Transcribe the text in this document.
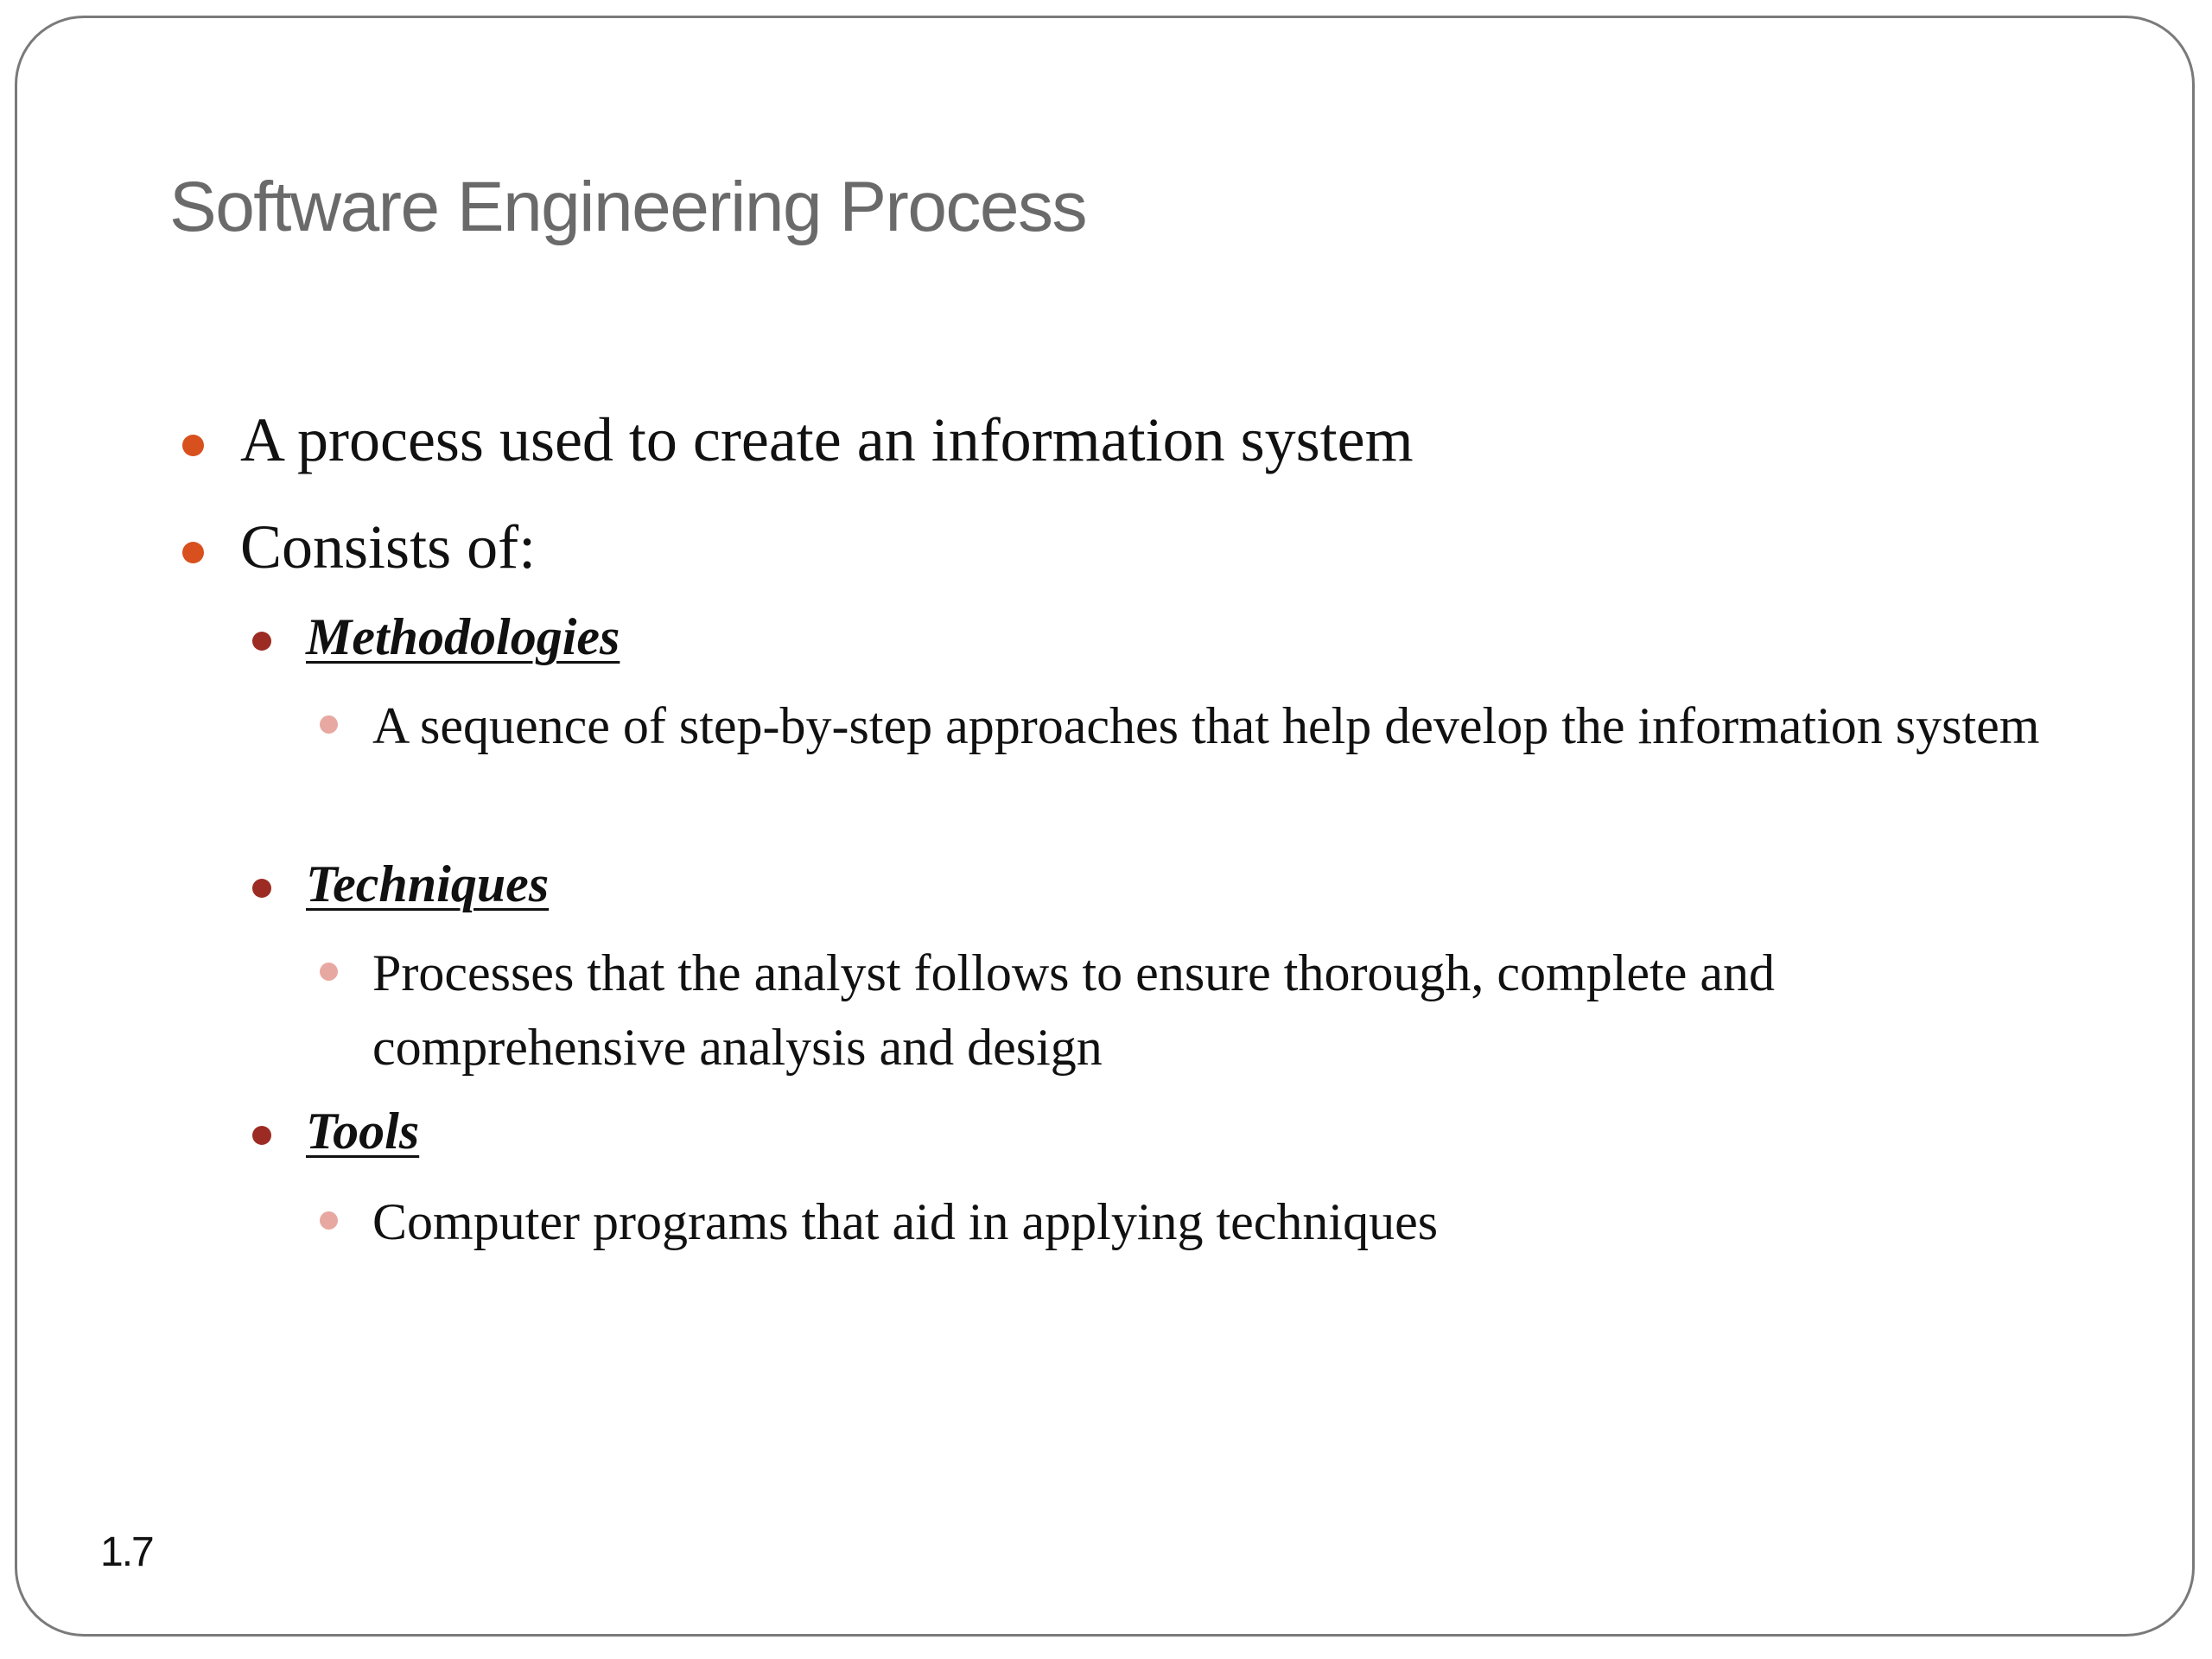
Software Engineering Process
A process used to create an information system
Consists of:
Methodologies
A sequence of step-by-step approaches that help develop the information system
Techniques
Processes that the analyst follows to ensure thorough, complete and comprehensive analysis and design
Tools
Computer programs that aid in applying techniques
1.7
